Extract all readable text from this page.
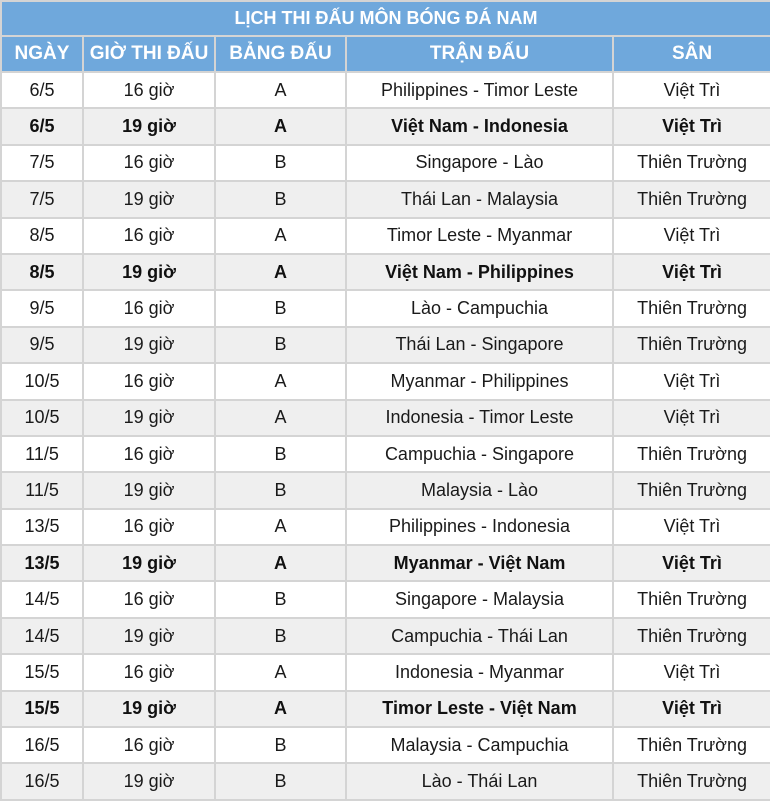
LỊCH THI ĐẤU MÔN BÓNG ĐÁ NAM				
NGÀY	GIỜ THI ĐẤU	BẢNG ĐẤU	TRẬN ĐẤU	SÂN
6/5	16 giờ	A	Philippines - Timor Leste	Việt Trì
6/5	19 giờ	A	Việt Nam - Indonesia	Việt Trì
7/5	16 giờ	B	Singapore - Lào	Thiên Trường
7/5	19 giờ	B	Thái Lan - Malaysia	Thiên Trường
8/5	16 giờ	A	Timor Leste - Myanmar	Việt Trì
8/5	19 giờ	A	Việt Nam - Philippines	Việt Trì
9/5	16 giờ	B	Lào - Campuchia	Thiên Trường
9/5	19 giờ	B	Thái Lan - Singapore	Thiên Trường
10/5	16 giờ	A	Myanmar - Philippines	Việt Trì
10/5	19 giờ	A	Indonesia - Timor Leste	Việt Trì
11/5	16 giờ	B	Campuchia - Singapore	Thiên Trường
11/5	19 giờ	B	Malaysia - Lào	Thiên Trường
13/5	16 giờ	A	Philippines - Indonesia	Việt Trì
13/5	19 giờ	A	Myanmar - Việt Nam	Việt Trì
14/5	16 giờ	B	Singapore - Malaysia	Thiên Trường
14/5	19 giờ	B	Campuchia - Thái Lan	Thiên Trường
15/5	16 giờ	A	Indonesia - Myanmar	Việt Trì
15/5	19 giờ	A	Timor Leste - Việt Nam	Việt Trì
16/5	16 giờ	B	Malaysia - Campuchia	Thiên Trường
16/5	19 giờ	B	Lào - Thái Lan	Thiên Trường
